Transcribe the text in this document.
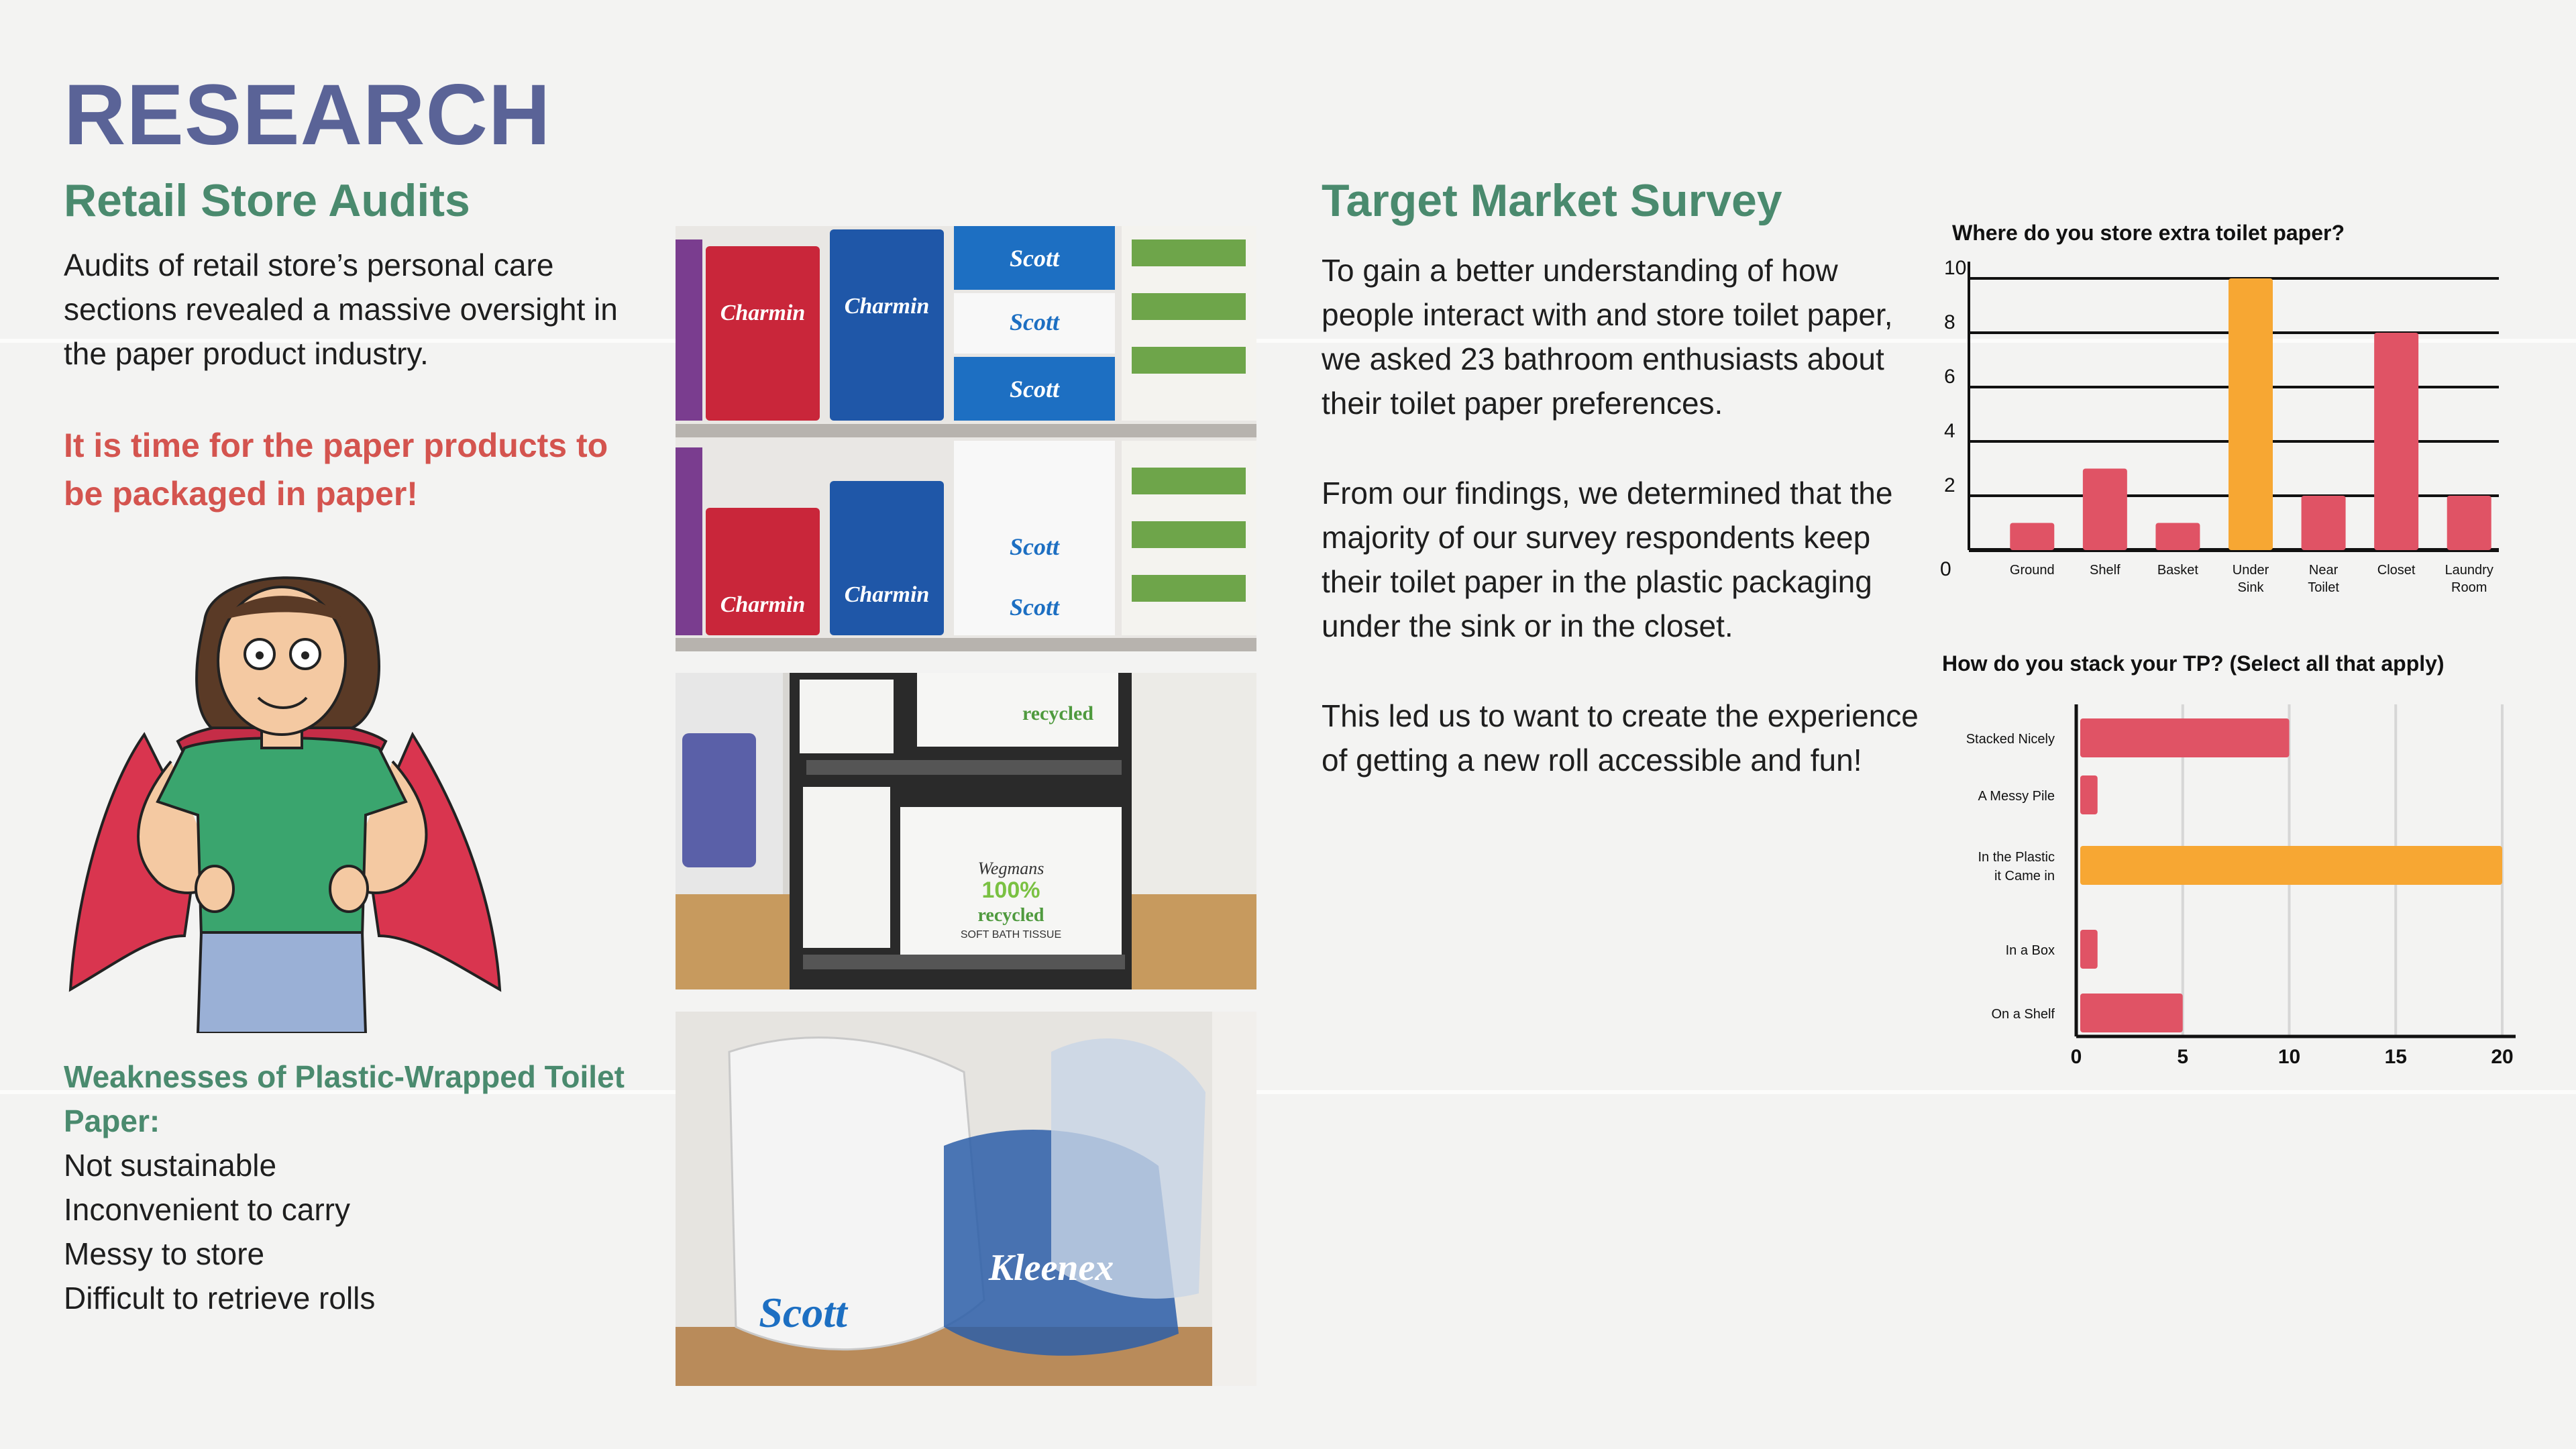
RESEARCH
Retail Store Audits

Audits of retail store’s personal care sections revealed a massive oversight in the paper product industry.

It is time for the paper products to be packaged in paper!

Weaknesses of Plastic-Wrapped Toilet Paper:

Not sustainable
Inconvenient to carry
Messy to store
Difficult to retrieve rolls
Charmin Charmin
Scott
Scott
Scott
Charmin Charmin
Scott
Scott
recycled
Wegmans
100%
recycled
SOFT BATH TISSUE
Scott
Kleenex
Target Market Survey

To gain a better understanding of how people interact with and store toilet paper, we asked 23 bathroom enthusiasts about their toilet paper preferences.

From our findings, we determined that the majority of our survey respondents keep their toilet paper in the plastic packaging under the sink or in the closet.

This led us to want to create the experience of getting a new roll accessible and fun!

Where do you store extra toilet paper?
0
2
4
6
8
10
Ground	Shelf	Basket	Under
Sink
Near
Toilet
Closet Laundry
Room
How do you stack your TP? (Select all that apply)
0	5	10	15	20
Stacked Nicely
A Messy Pile
In the Plastic
it Came in
In a Box
On a Shelf
